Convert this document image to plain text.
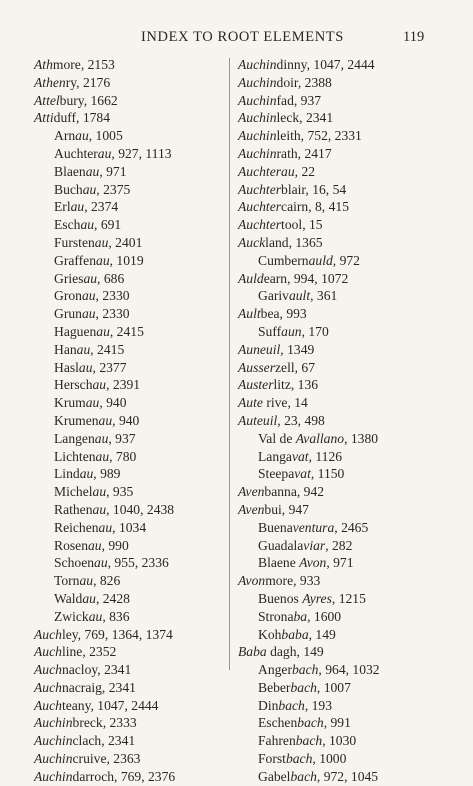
INDEX TO ROOT ELEMENTS	119
Athmore, 2153
Athenry, 2176
Attelbury, 1662
Attiduff, 1784
Arnau, 1005
Auchterau, 927, 1113
Blaenau, 971
Buchau, 2375
Erlau, 2374
Eschau, 691
Furstenau, 2401
Graffenau, 1019
Griesau, 686
Gronau, 2330
Grunau, 2330
Haguenau, 2415
Hanau, 2415
Haslau, 2377
Herschau, 2391
Krumau, 940
Krumenau, 940
Langenau, 937
Lichtenau, 780
Lindau, 989
Michelau, 935
Rathenau, 1040, 2438
Reichenau, 1034
Rosenau, 990
Schoenau, 955, 2336
Tornau, 826
Waldau, 2428
Zwickau, 836
Auchley, 769, 1364, 1374
Auchline, 2352
Auchnacloy, 2341
Auchnacraig, 2341
Auchteany, 1047, 2444
Auchinbreck, 2333
Auchinclach, 2341
Auchincruive, 2363
Auchindarroch, 769, 2376
Auchindinny, 1047, 2444
Auchindoir, 2388
Auchinfad, 937
Auchinleck, 2341
Auchinleith, 752, 2331
Auchinrath, 2417
Auchterau, 22
Auchterblair, 16, 54
Auchtercairn, 8, 415
Auchtertool, 15
Auckland, 1365
Cumbernauld, 972
Auldearn, 994, 1072
Garivault, 361
Aultbea, 993
Suffaun, 170
Auneuil, 1349
Ausserzell, 67
Austerlitz, 136
Aute rive, 14
Auteuil, 23, 498
Val de Avallano, 1380
Langavat, 1126
Steepavat, 1150
Avenbanna, 942
Avenbui, 947
Buenaventura, 2465
Guadalaviar, 282
Blaene Avon, 971
Avonmore, 933
Buenos Ayres, 1215
Stronaba, 1600
Kohbaba, 149
Baba dagh, 149
Angerbach, 964, 1032
Beberbach, 1007
Dinbach, 193
Eschenbach, 991
Fahrenbach, 1030
Forstbach, 1000
Gabelbach, 972, 1045
